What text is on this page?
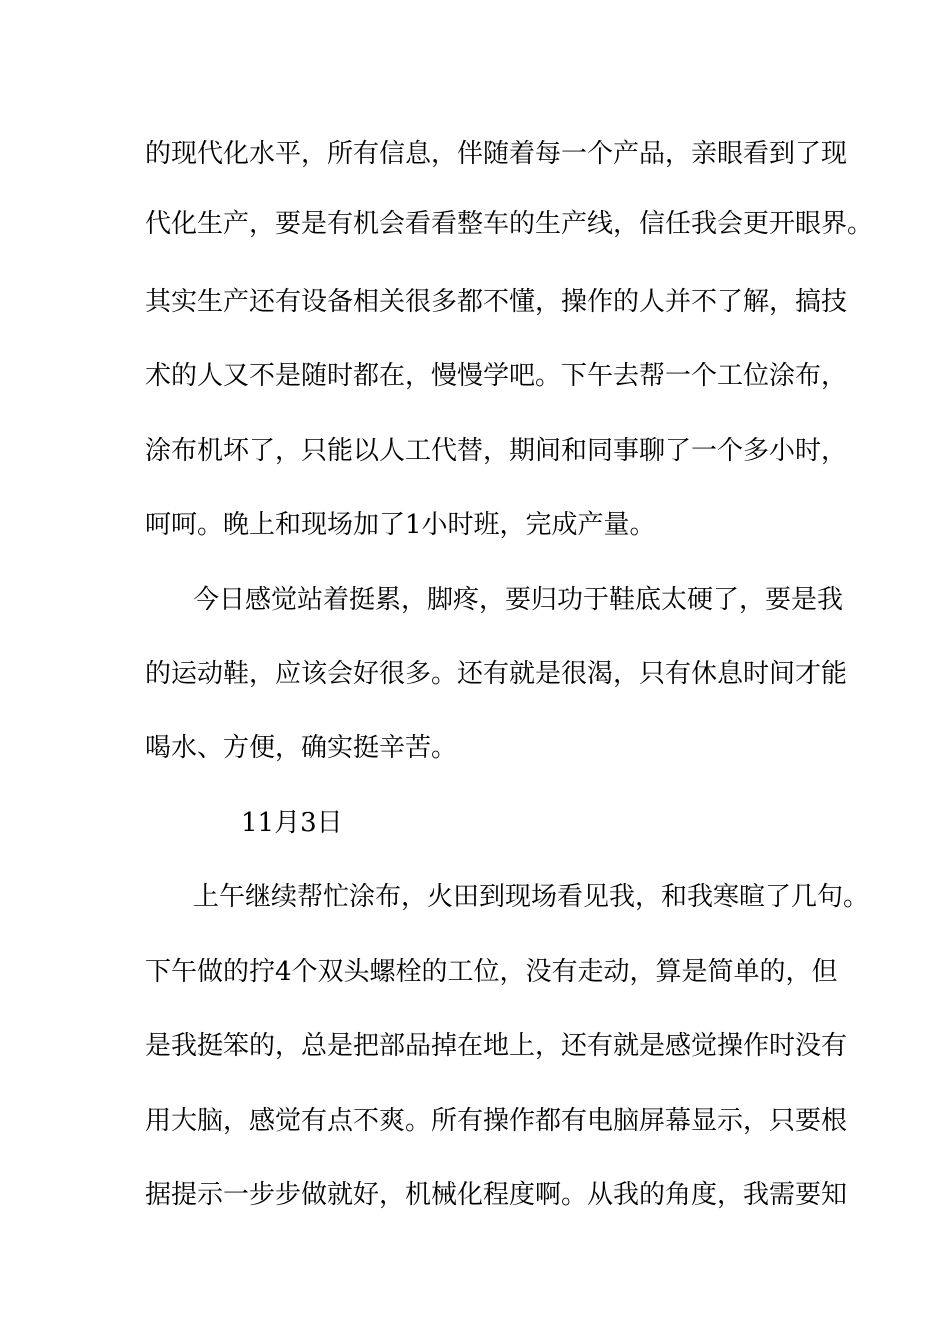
的现代化水平，所有信息，伴随着每一个产品，亲眼看到了现
代化生产，要是有机会看看整车的生产线，信任我会更开眼界。
其实生产还有设备相关很多都不懂，操作的人并不了解，搞技
术的人又不是随时都在，慢慢学吧。下午去帮一个工位涂布，
涂布机坏了，只能以人工代替，期间和同事聊了一个多小时，
呵呵。晚上和现场加了1小时班，完成产量。
今日感觉站着挺累，脚疼，要归功于鞋底太硬了，要是我
的运动鞋，应该会好很多。还有就是很渴，只有休息时间才能
喝水、方便，确实挺辛苦。
11月3日
上午继续帮忙涂布，火田到现场看见我，和我寒暄了几句。
下午做的拧4个双头螺栓的工位，没有走动，算是简单的，但
是我挺笨的，总是把部品掉在地上，还有就是感觉操作时没有
用大脑，感觉有点不爽。所有操作都有电脑屏幕显示，只要根
据提示一步步做就好，机械化程度啊。从我的角度，我需要知
